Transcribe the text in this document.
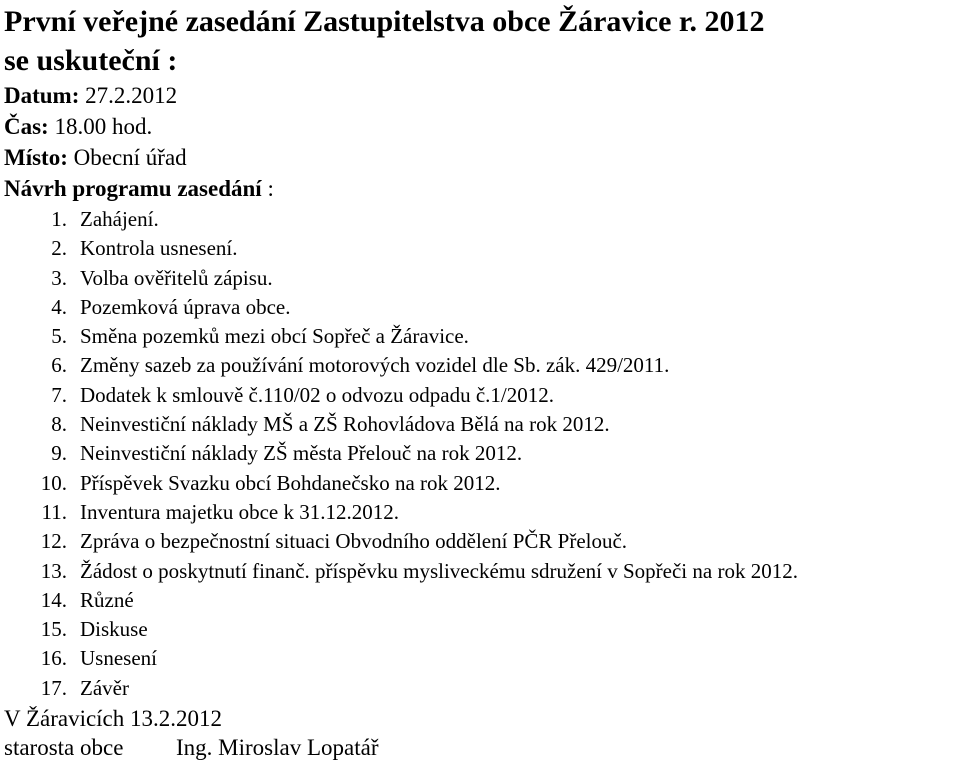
První veřejné zasedání Zastupitelstva obce Žáravice r. 2012
se uskuteční :
Datum: 27.2.2012
Čas: 18.00 hod.
Místo: Obecní úřad
Návrh programu zasedání :
1. Zahájení.
2. Kontrola usnesení.
3. Volba ověřitelů zápisu.
4. Pozemková úprava obce.
5. Směna pozemků mezi obcí Sopřeč a Žáravice.
6. Změny sazeb za používání motorových vozidel dle Sb. zák. 429/2011.
7. Dodatek k smlouvě č.110/02 o odvozu odpadu č.1/2012.
8. Neinvestiční náklady MŠ a ZŠ Rohovládova Bělá na rok 2012.
9. Neinvestiční náklady ZŠ města Přelouč na rok 2012.
10. Příspěvek Svazku obcí Bohdanečsko na rok 2012.
11. Inventura majetku obce k 31.12.2012.
12. Zpráva o bezpečnostní situaci Obvodního oddělení PČR Přelouč.
13. Žádost o poskytnutí finanč. příspěvku mysliveckému sdružení v Sopřeči na rok 2012.
14. Různé
15. Diskuse
16. Usnesení
17. Závěr
V Žáravicích 13.2.2012
starosta obce Ing. Miroslav Lopatář
